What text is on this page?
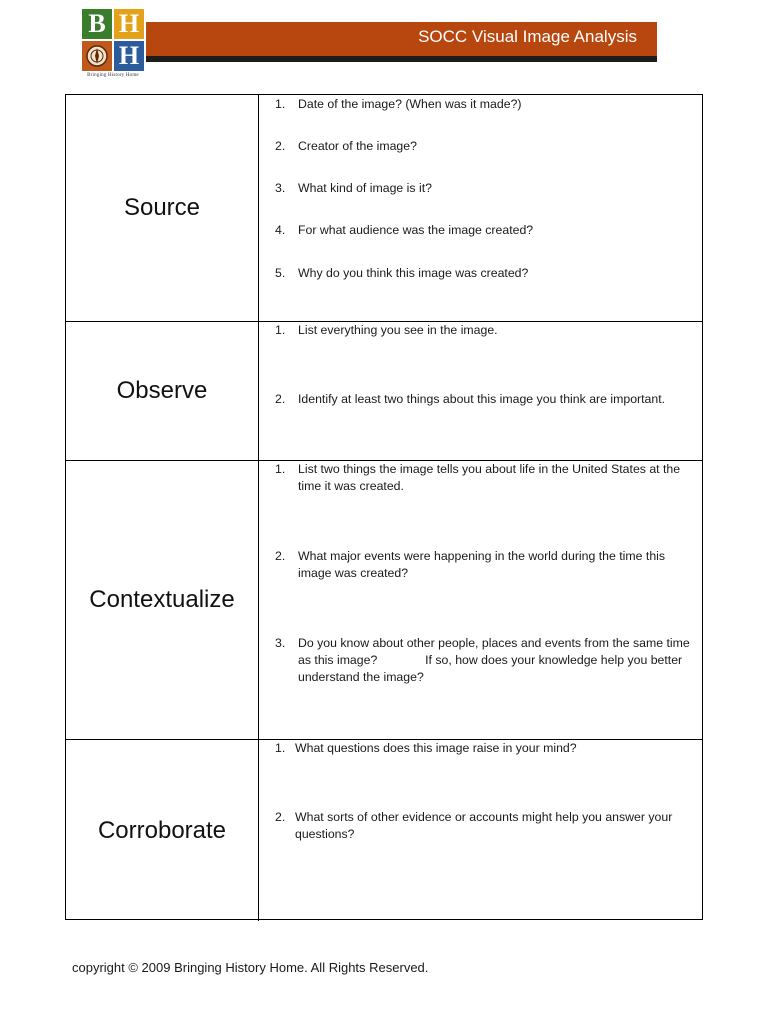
B H
H
Bringing History Home
SOCC Visual Image Analysis
Source
1. Date of the image? (When was it made?)
2. Creator of the image?
3. What kind of image is it?
4. For what audience was the image created?
5. Why do you think this image was created?
Observe
1. List everything you see in the image.
2. Identify at least two things about this image you think are important.
Contextualize
1. List two things the image tells you about life in the United States at the time it was created.
2. What major events were happening in the world during the time this image was created?
3. Do you know about other people, places and events from the same time as this image?              If so, how does your knowledge help you better understand the image?
Corroborate
1. What questions does this image raise in your mind?
2. What sorts of other evidence or accounts might help you answer your questions?
copyright © 2009 Bringing History Home. All Rights Reserved.
